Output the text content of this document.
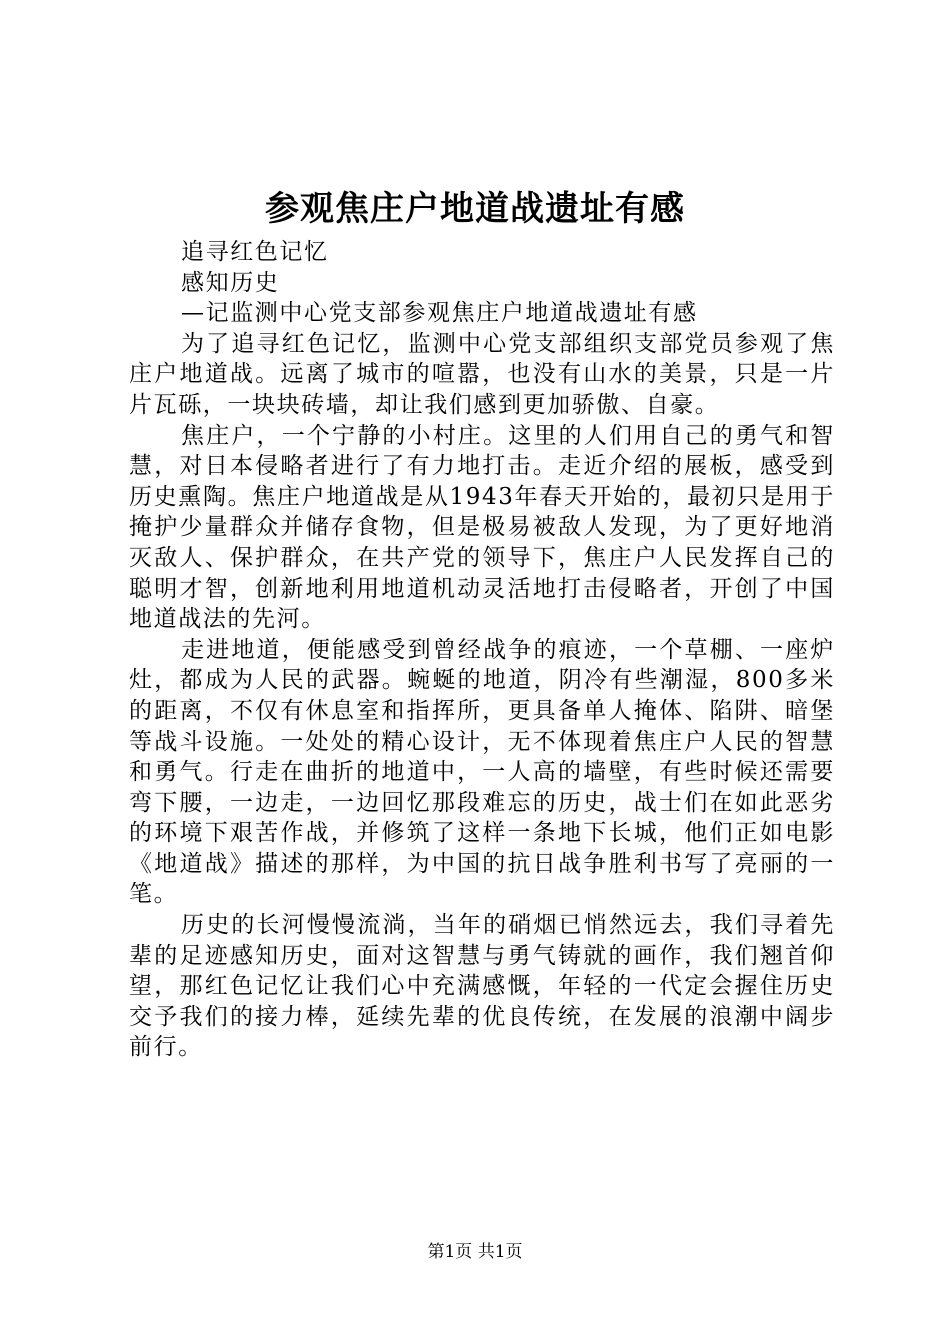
参观焦庄户地道战遗址有感

追寻红色记忆

感知历史

—记监测中心党支部参观焦庄户地道战遗址有感

为了追寻红色记忆，监测中心党支部组织支部党员参观了焦庄户地道战。远离了城市的喧嚣，也没有山水的美景，只是一片片瓦砾，一块块砖墙，却让我们感到更加骄傲、自豪。

焦庄户，一个宁静的小村庄。这里的人们用自己的勇气和智慧，对日本侵略者进行了有力地打击。走近介绍的展板，感受到历史熏陶。焦庄户地道战是从1943年春天开始的，最初只是用于掩护少量群众并储存食物，但是极易被敌人发现，为了更好地消灭敌人、保护群众，在共产党的领导下，焦庄户人民发挥自己的聪明才智，创新地利用地道机动灵活地打击侵略者，开创了中国地道战法的先河。

走进地道，便能感受到曾经战争的痕迹，一个草棚、一座炉灶，都成为人民的武器。蜿蜒的地道，阴冷有些潮湿，800多米的距离，不仅有休息室和指挥所，更具备单人掩体、陷阱、暗堡等战斗设施。一处处的精心设计，无不体现着焦庄户人民的智慧和勇气。行走在曲折的地道中，一人高的墙壁，有些时候还需要弯下腰，一边走，一边回忆那段难忘的历史，战士们在如此恶劣的环境下艰苦作战，并修筑了这样一条地下长城，他们正如电影《地道战》描述的那样，为中国的抗日战争胜利书写了亮丽的一笔。

历史的长河慢慢流淌，当年的硝烟已悄然远去，我们寻着先辈的足迹感知历史，面对这智慧与勇气铸就的画作，我们翘首仰望，那红色记忆让我们心中充满感慨，年轻的一代定会握住历史交予我们的接力棒，延续先辈的优良传统，在发展的浪潮中阔步前行。

第1页 共1页
